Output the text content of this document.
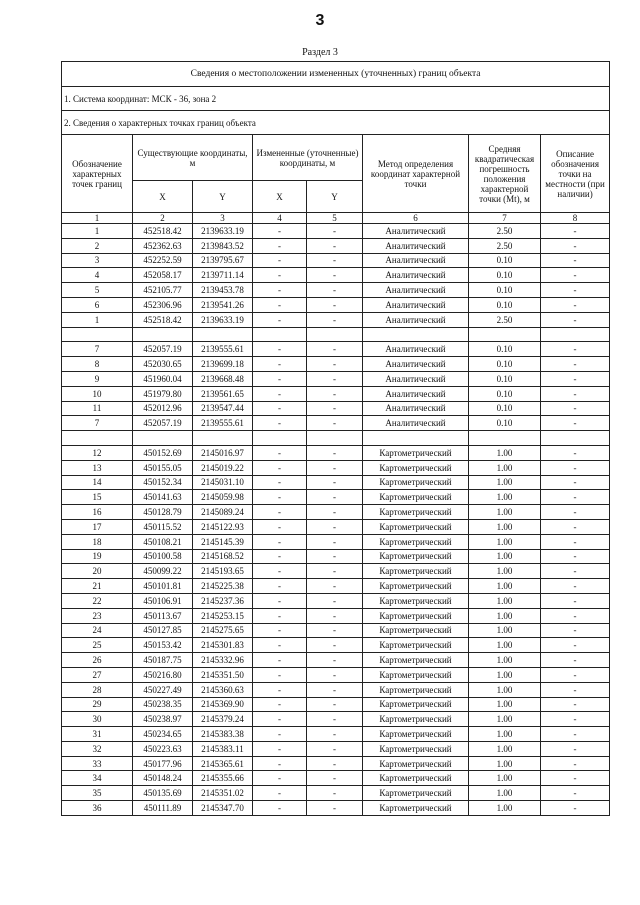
3
Раздел 3
Сведения о местоположении измененных (уточненных) границ объекта							
1. Система координат: МСК - 36, зона 2							
2. Сведения о характерных точках границ объекта							
Обозначение характерных точек границ	Существующие координаты, м		Измененные (уточненные) координаты, м		Метод определения координат характерной точки	Средняя квадратическая погрешность положения характерной точки (Mt), м	Описание обозначения точки на местности (при наличии)
	X	Y	X	Y			
1	2	3	4	5	6	7	8
1	452518.42	2139633.19	-	-	Аналитический	2.50	-
2	452362.63	2139843.52	-	-	Аналитический	2.50	-
3	452252.59	2139795.67	-	-	Аналитический	0.10	-
4	452058.17	2139711.14	-	-	Аналитический	0.10	-
5	452105.77	2139453.78	-	-	Аналитический	0.10	-
6	452306.96	2139541.26	-	-	Аналитический	0.10	-
1	452518.42	2139633.19	-	-	Аналитический	2.50	-

7	452057.19	2139555.61	-	-	Аналитический	0.10	-
8	452030.65	2139699.18	-	-	Аналитический	0.10	-
9	451960.04	2139668.48	-	-	Аналитический	0.10	-
10	451979.80	2139561.65	-	-	Аналитический	0.10	-
11	452012.96	2139547.44	-	-	Аналитический	0.10	-
7	452057.19	2139555.61	-	-	Аналитический	0.10	-

12	450152.69	2145016.97	-	-	Картометрический	1.00	-
13	450155.05	2145019.22	-	-	Картометрический	1.00	-
14	450152.34	2145031.10	-	-	Картометрический	1.00	-
15	450141.63	2145059.98	-	-	Картометрический	1.00	-
16	450128.79	2145089.24	-	-	Картометрический	1.00	-
17	450115.52	2145122.93	-	-	Картометрический	1.00	-
18	450108.21	2145145.39	-	-	Картометрический	1.00	-
19	450100.58	2145168.52	-	-	Картометрический	1.00	-
20	450099.22	2145193.65	-	-	Картометрический	1.00	-
21	450101.81	2145225.38	-	-	Картометрический	1.00	-
22	450106.91	2145237.36	-	-	Картометрический	1.00	-
23	450113.67	2145253.15	-	-	Картометрический	1.00	-
24	450127.85	2145275.65	-	-	Картометрический	1.00	-
25	450153.42	2145301.83	-	-	Картометрический	1.00	-
26	450187.75	2145332.96	-	-	Картометрический	1.00	-
27	450216.80	2145351.50	-	-	Картометрический	1.00	-
28	450227.49	2145360.63	-	-	Картометрический	1.00	-
29	450238.35	2145369.90	-	-	Картометрический	1.00	-
30	450238.97	2145379.24	-	-	Картометрический	1.00	-
31	450234.65	2145383.38	-	-	Картометрический	1.00	-
32	450223.63	2145383.11	-	-	Картометрический	1.00	-
33	450177.96	2145365.61	-	-	Картометрический	1.00	-
34	450148.24	2145355.66	-	-	Картометрический	1.00	-
35	450135.69	2145351.02	-	-	Картометрический	1.00	-
36	450111.89	2145347.70	-	-	Картометрический	1.00	-
